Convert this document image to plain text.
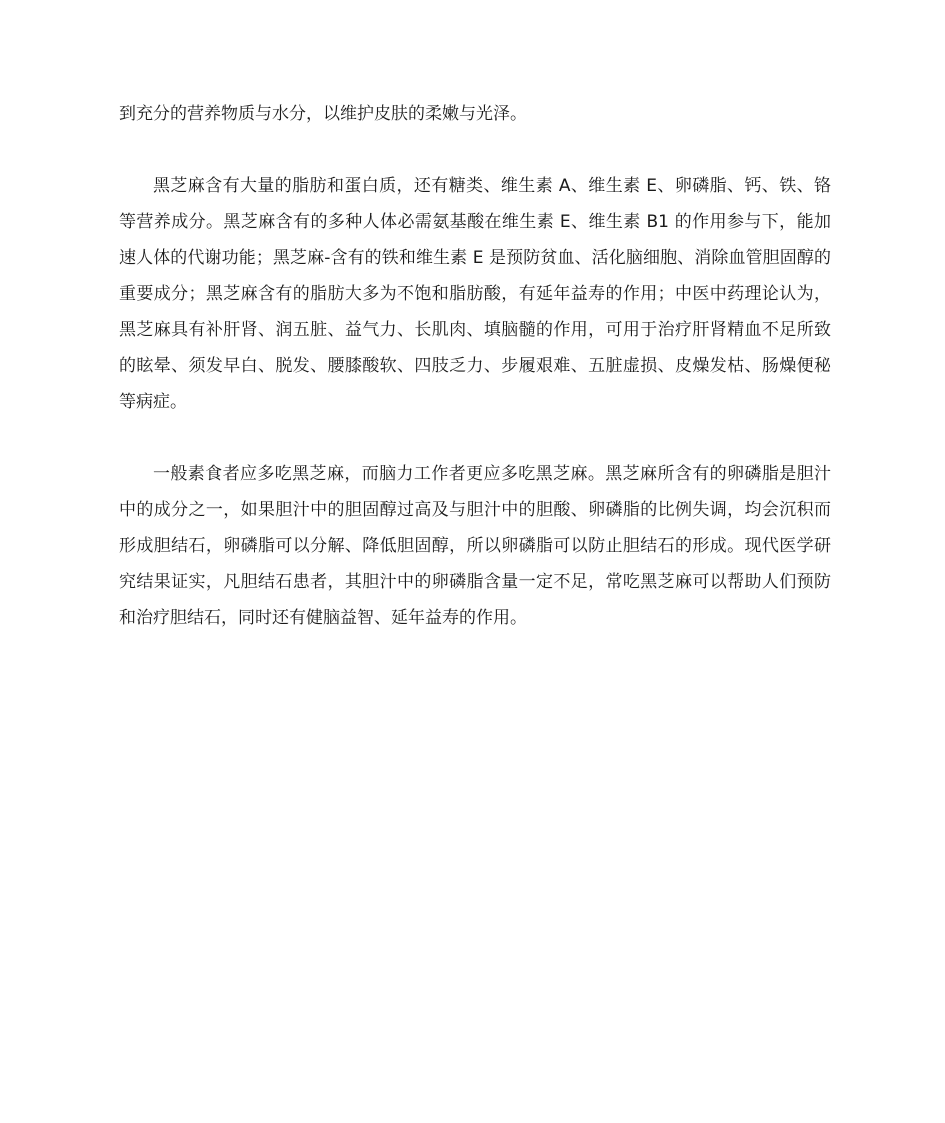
到充分的营养物质与水分，以维护皮肤的柔嫩与光泽。

黑芝麻含有大量的脂肪和蛋白质，还有糖类、维生素 A、维生素 E、卵磷脂、钙、铁、铬等营养成分。黑芝麻含有的多种人体必需氨基酸在维生素 E、维生素 B1 的作用参与下，能加速人体的代谢功能；黑芝麻-含有的铁和维生素 E 是预防贫血、活化脑细胞、消除血管胆固醇的重要成分；黑芝麻含有的脂肪大多为不饱和脂肪酸，有延年益寿的作用；中医中药理论认为，黑芝麻具有补肝肾、润五脏、益气力、长肌肉、填脑髓的作用，可用于治疗肝肾精血不足所致的眩晕、须发早白、脱发、腰膝酸软、四肢乏力、步履艰难、五脏虚损、皮燥发枯、肠燥便秘等病症。

一般素食者应多吃黑芝麻，而脑力工作者更应多吃黑芝麻。黑芝麻所含有的卵磷脂是胆汁中的成分之一，如果胆汁中的胆固醇过高及与胆汁中的胆酸、卵磷脂的比例失调，均会沉积而形成胆结石，卵磷脂可以分解、降低胆固醇，所以卵磷脂可以防止胆结石的形成。现代医学研究结果证实，凡胆结石患者，其胆汁中的卵磷脂含量一定不足，常吃黑芝麻可以帮助人们预防和治疗胆结石，同时还有健脑益智、延年益寿的作用。
